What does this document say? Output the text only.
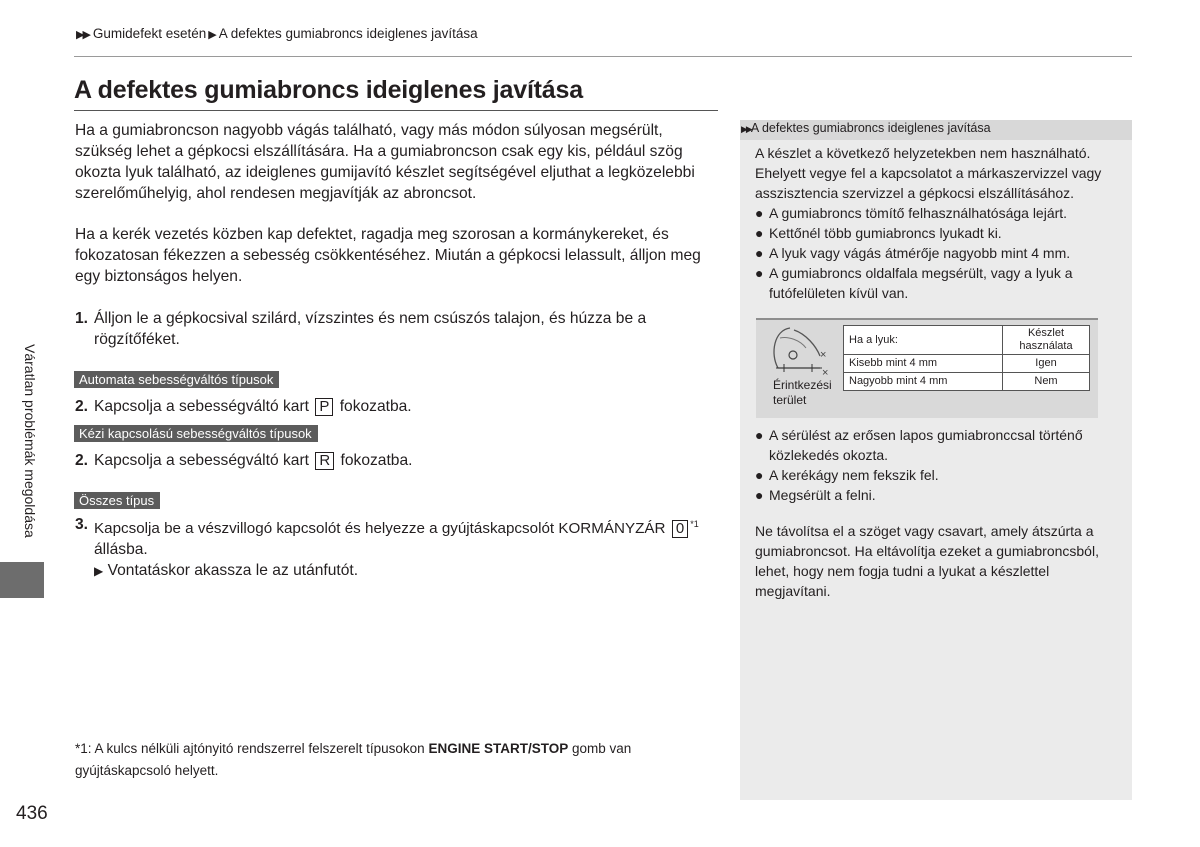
▶▶ Gumidefekt esetén ▶ A defektes gumiabroncs ideiglenes javítása
A defektes gumiabroncs ideiglenes javítása
Ha a gumiabroncson nagyobb vágás található, vagy más módon súlyosan megsérült,
szükség lehet a gépkocsi elszállítására. Ha a gumiabroncson csak egy kis, például szög
okozta lyuk található, az ideiglenes gumijavító készlet segítségével eljuthat a legközelebbi
szerelőműhelyig, ahol rendesen megjavítják az abroncsot.
Ha a kerék vezetés közben kap defektet, ragadja meg szorosan a kormánykereket, és
fokozatosan fékezzen a sebesség csökkentéséhez. Miután a gépkocsi lelassult, álljon meg
egy biztonságos helyen.
1. Álljon le a gépkocsival szilárd, vízszintes és nem csúszós talajon, és húzza be a
rögzítőféket.
Automata sebességváltós típusok
2. Kapcsolja a sebességváltó kart P fokozatba.
Kézi kapcsolású sebességváltós típusok
2. Kapcsolja a sebességváltó kart R fokozatba.
Összes típus
3. Kapcsolja be a vészvillogó kapcsolót és helyezze a gyújtáskapcsolót KORMÁNYZÁR 0 $^{*1}$
állásba.
▶ Vontatáskor akassza le az utánfutót.
*1: A kulcs nélküli ajtónyitó rendszerrel felszerelt típusokon ENGINE START/STOP gomb van
gyújtáskapcsoló helyett.
Váratlan problémák megoldása
436
▶▶A defektes gumiabroncs ideiglenes javítása
A készlet a következő helyzetekben nem használható.
Ehelyett vegye fel a kapcsolatot a márkaszervizzel vagy
asszisztencia szervizzel a gépkocsi elszállításához.
● A gumiabroncs tömítő felhasználhatósága lejárt.
● Kettőnél több gumiabroncs lyukadt ki.
● A lyuk vagy vágás átmérője nagyobb mint 4 mm.
● A gumiabroncs oldalfala megsérült, vagy a lyuk a
futófelületen kívül van.
×
×
Érintkezési
terület
Ha a lyuk:	Készlet
használata

Kisebb mint 4 mm	Igen
Nagyobb mint 4 mm	Nem
● A sérülést az erősen lapos gumiabronccsal történő
közlekedés okozta.
● A kerékágy nem fekszik fel.
● Megsérült a felni.
Ne távolítsa el a szöget vagy csavart, amely átszúrta a
gumiabroncsot. Ha eltávolítja ezeket a gumiabroncsból,
lehet, hogy nem fogja tudni a lyukat a készlettel
megjavítani.
